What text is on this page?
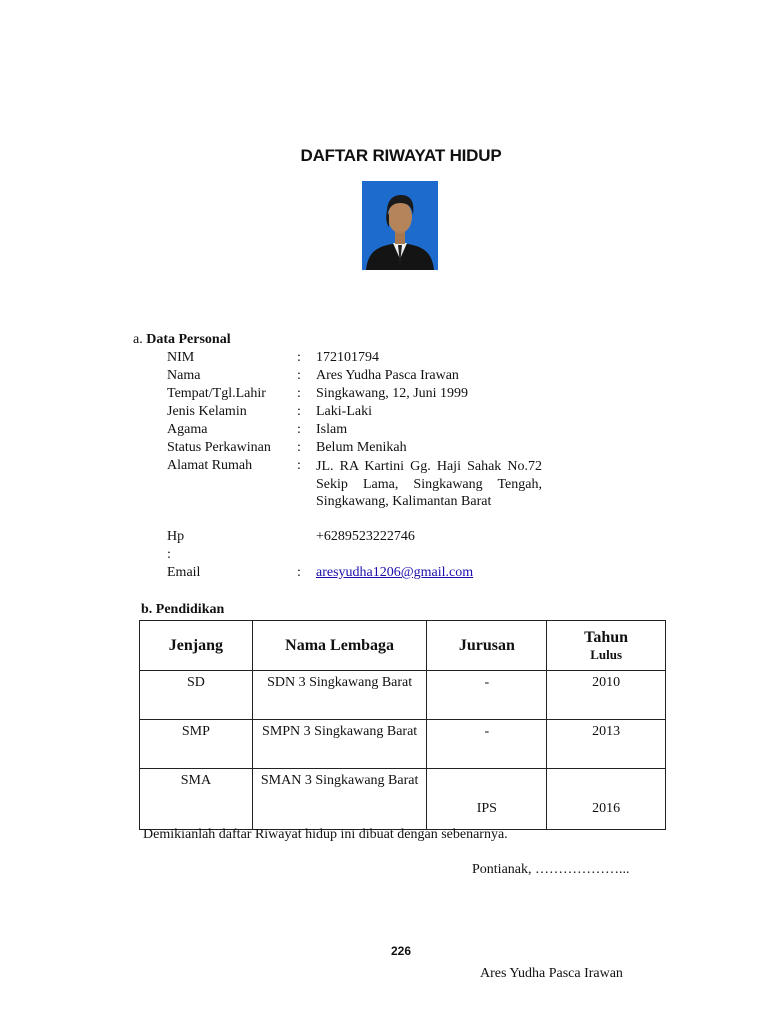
DAFTAR RIWAYAT HIDUP
a. Data Personal
NIM	: 172101794
Nama	: Ares Yudha Pasca Irawan
Tempat/Tgl.Lahir : Singkawang, 12, Juni 1999
Jenis Kelamin	: Laki-Laki
Agama	: Islam
Status Perkawinan : Belum Menikah
Alamat Rumah	: JL. RA Kartini Gg. Haji Sahak No.72 Sekip Lama, Singkawang Tengah, Singkawang, Kalimantan Barat
Hp	+6289523222746
:
Email	: aresyudha1206@gmail.com
b. Pendidikan
Jenjang	Nama Lembaga	Jurusan	Tahun
Lulus

SD	SDN 3 Singkawang Barat	-	2010
SMP	SMPN 3 Singkawang Barat	-	2013
SMA	SMAN 3 Singkawang Barat	IPS	2016
Demikianlah daftar Riwayat hidup ini dibuat dengan sebenarnya.
Pontianak, ………………...
226
Ares Yudha Pasca Irawan
